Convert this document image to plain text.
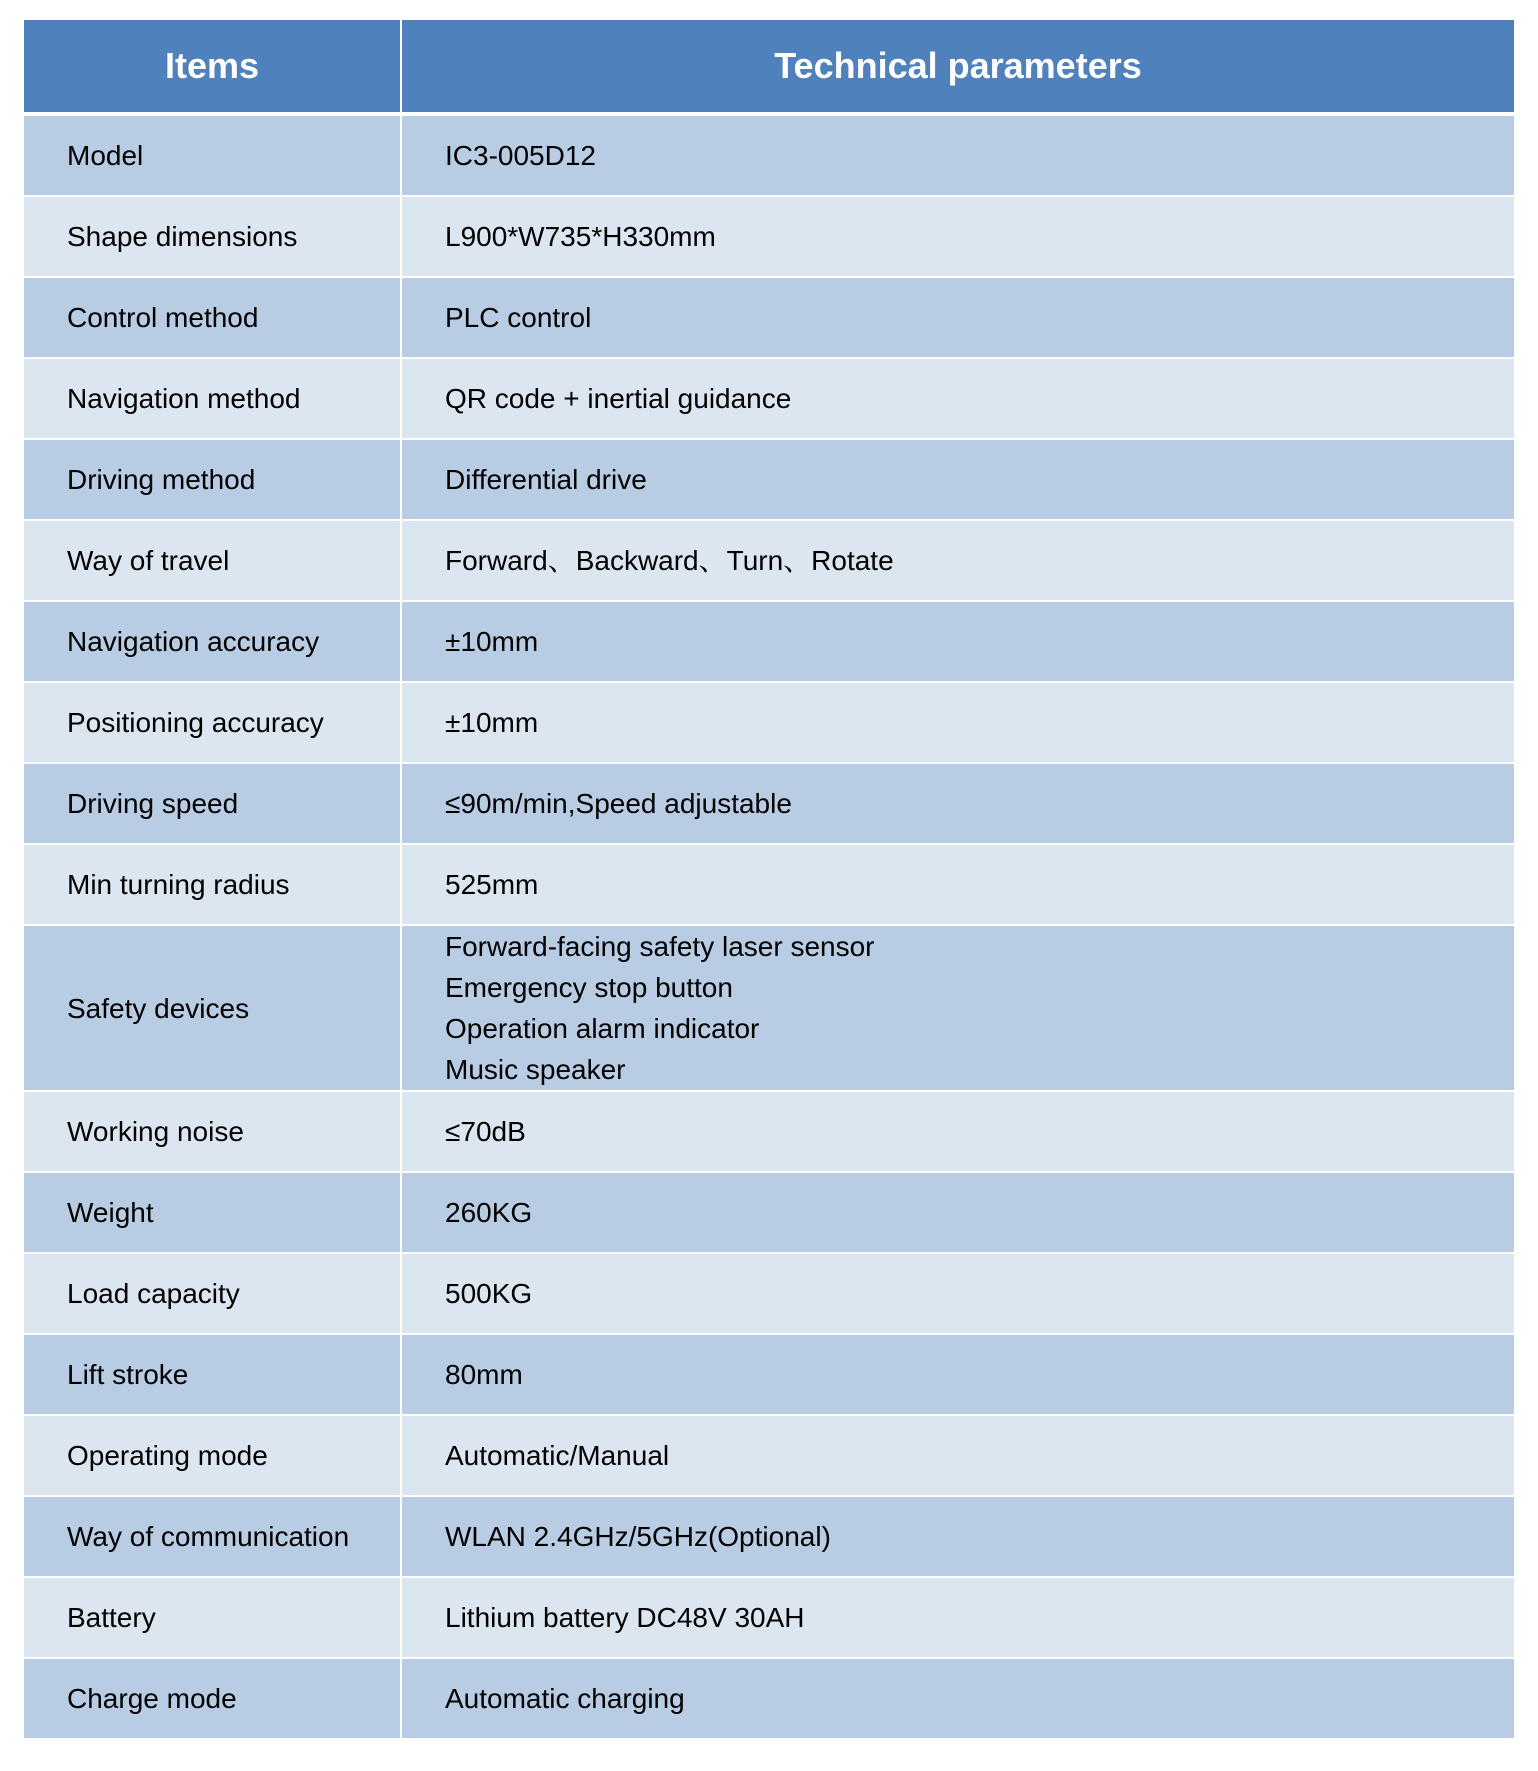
Items	Technical parameters
Model	IC3-005D12
Shape dimensions	L900*W735*H330mm
Control method	PLC control
Navigation method	QR code + inertial guidance
Driving method	Differential drive
Way of travel	Forward、Backward、Turn、Rotate
Navigation accuracy	±10mm
Positioning accuracy	±10mm
Driving speed	≤90m/min,Speed adjustable
Min turning radius	525mm
Safety devices	Forward-facing safety laser sensor
Emergency stop button
Operation alarm indicator
Music speaker

Working noise	≤70dB
Weight	260KG
Load capacity	500KG
Lift stroke	80mm
Operating mode	Automatic/Manual
Way of communication	WLAN 2.4GHz/5GHz(Optional)
Battery	Lithium battery DC48V 30AH
Charge mode	Automatic charging
